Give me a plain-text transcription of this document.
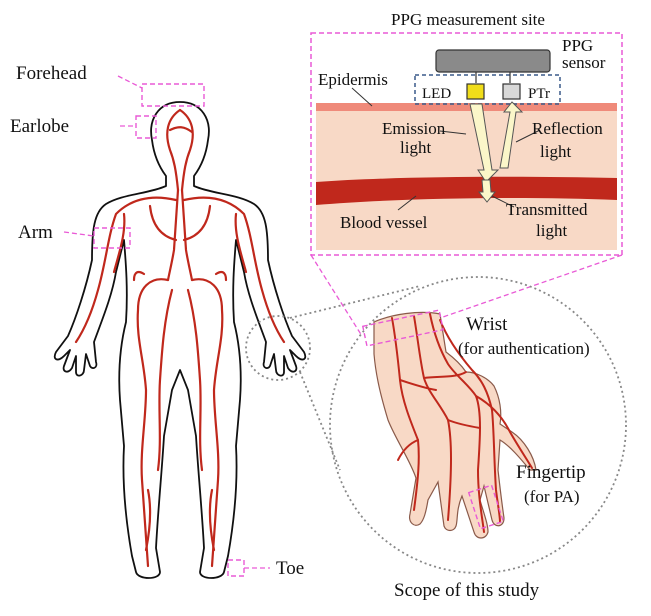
PPG measurement site
PPG
sensor
LED	PTr
Epidermis
Emission
light
Reflection
light
Blood vessel
Transmitted
light
Forehead
Earlobe
Arm
Toe
Wrist
(for authentication)
Fingertip
(for PA)
Scope of this study
